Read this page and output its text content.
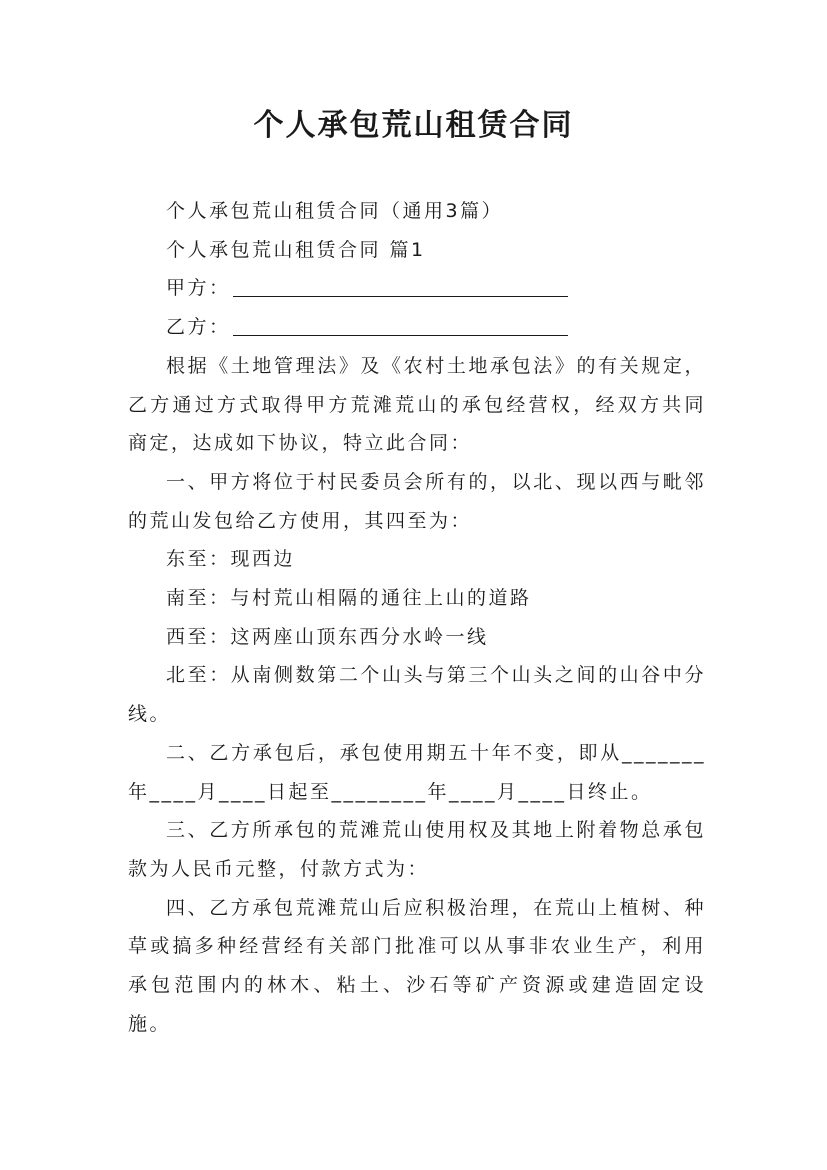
个人承包荒山租赁合同

个人承包荒山租赁合同（通用3篇）

个人承包荒山租赁合同 篇1

甲方：

乙方：

根据《土地管理法》及《农村土地承包法》的有关规定，乙方通过方式取得甲方荒滩荒山的承包经营权，经双方共同商定，达成如下协议，特立此合同：

一、甲方将位于村民委员会所有的，以北、现以西与毗邻的荒山发包给乙方使用，其四至为：

东至：现西边

南至：与村荒山相隔的通往上山的道路

西至：这两座山顶东西分水岭一线

北至：从南侧数第二个山头与第三个山头之间的山谷中分线。

二、乙方承包后，承包使用期五十年不变，即从_______年____月____日起至________年____月____日终止。

三、乙方所承包的荒滩荒山使用权及其地上附着物总承包款为人民币元整，付款方式为：

四、乙方承包荒滩荒山后应积极治理，在荒山上植树、种草或搞多种经营经有关部门批准可以从事非农业生产，利用承包范围内的林木、粘土、沙石等矿产资源或建造固定设施。
